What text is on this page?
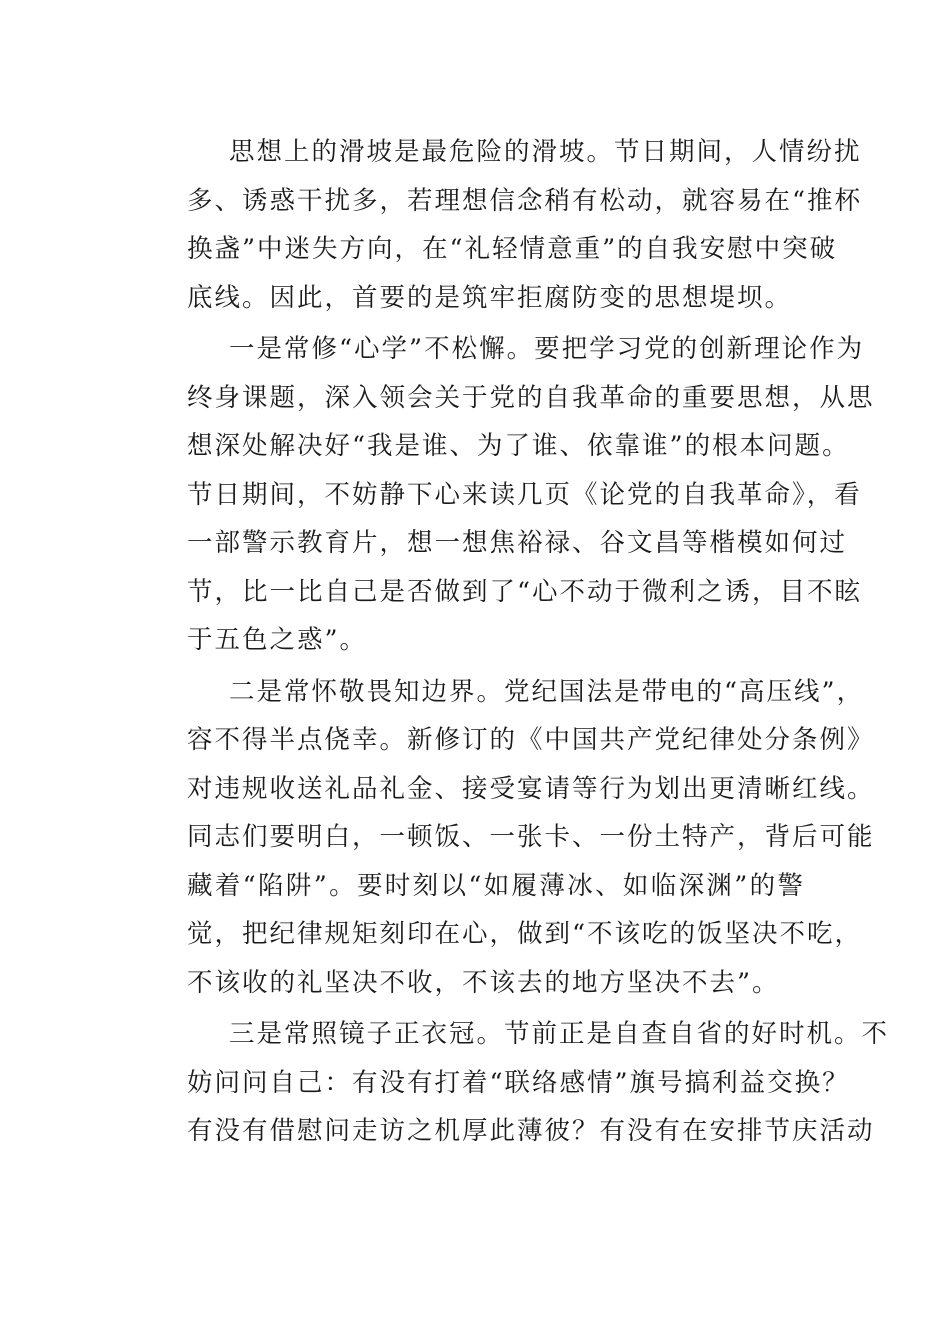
思想上的滑坡是最危险的滑坡。节日期间，人情纷扰
多、诱惑干扰多，若理想信念稍有松动，就容易在“推杯
换盏”中迷失方向，在“礼轻情意重”的自我安慰中突破
底线。因此，首要的是筑牢拒腐防变的思想堤坝。
一是常修“心学”不松懈。要把学习党的创新理论作为
终身课题，深入领会关于党的自我革命的重要思想，从思
想深处解决好“我是谁、为了谁、依靠谁”的根本问题。
节日期间，不妨静下心来读几页《论党的自我革命》，看
一部警示教育片，想一想焦裕禄、谷文昌等楷模如何过
节，比一比自己是否做到了“心不动于微利之诱，目不眩
于五色之惑”。
二是常怀敬畏知边界。党纪国法是带电的“高压线”，
容不得半点侥幸。新修订的《中国共产党纪律处分条例》
对违规收送礼品礼金、接受宴请等行为划出更清晰红线。
同志们要明白，一顿饭、一张卡、一份土特产，背后可能
藏着“陷阱”。要时刻以“如履薄冰、如临深渊”的警
觉，把纪律规矩刻印在心，做到“不该吃的饭坚决不吃，
不该收的礼坚决不收，不该去的地方坚决不去”。
三是常照镜子正衣冠。节前正是自查自省的好时机。不
妨问问自己：有没有打着“联络感情”旗号搞利益交换？
有没有借慰问走访之机厚此薄彼？有没有在安排节庆活动
